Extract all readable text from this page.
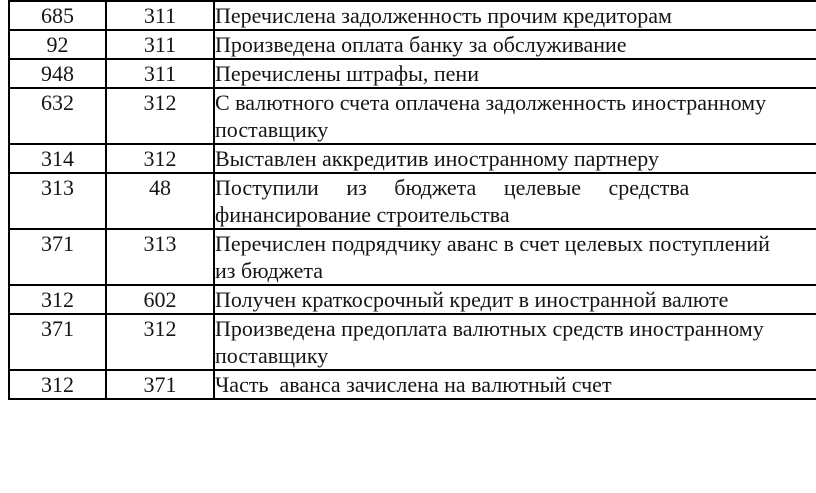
685	311	Перечислена задолженность прочим кредиторам

92	311	Произведена оплата банку за обслуживание

948	311	Перечислены штрафы, пени

632	312	С валютного счета оплачена задолженность иностранному
поставщику

314	312	Выставлен аккредитив иностранному партнеру

313	48	Поступили     из     бюджета     целевые     средства
финансирование строительства

371	313	Перечислен подрядчику аванс в счет целевых поступлений
из бюджета

312	602	Получен краткосрочный кредит в иностранной валюте

371	312	Произведена предоплата валютных средств иностранному
поставщику

312	371	Часть  аванса зачислена на валютный счет
